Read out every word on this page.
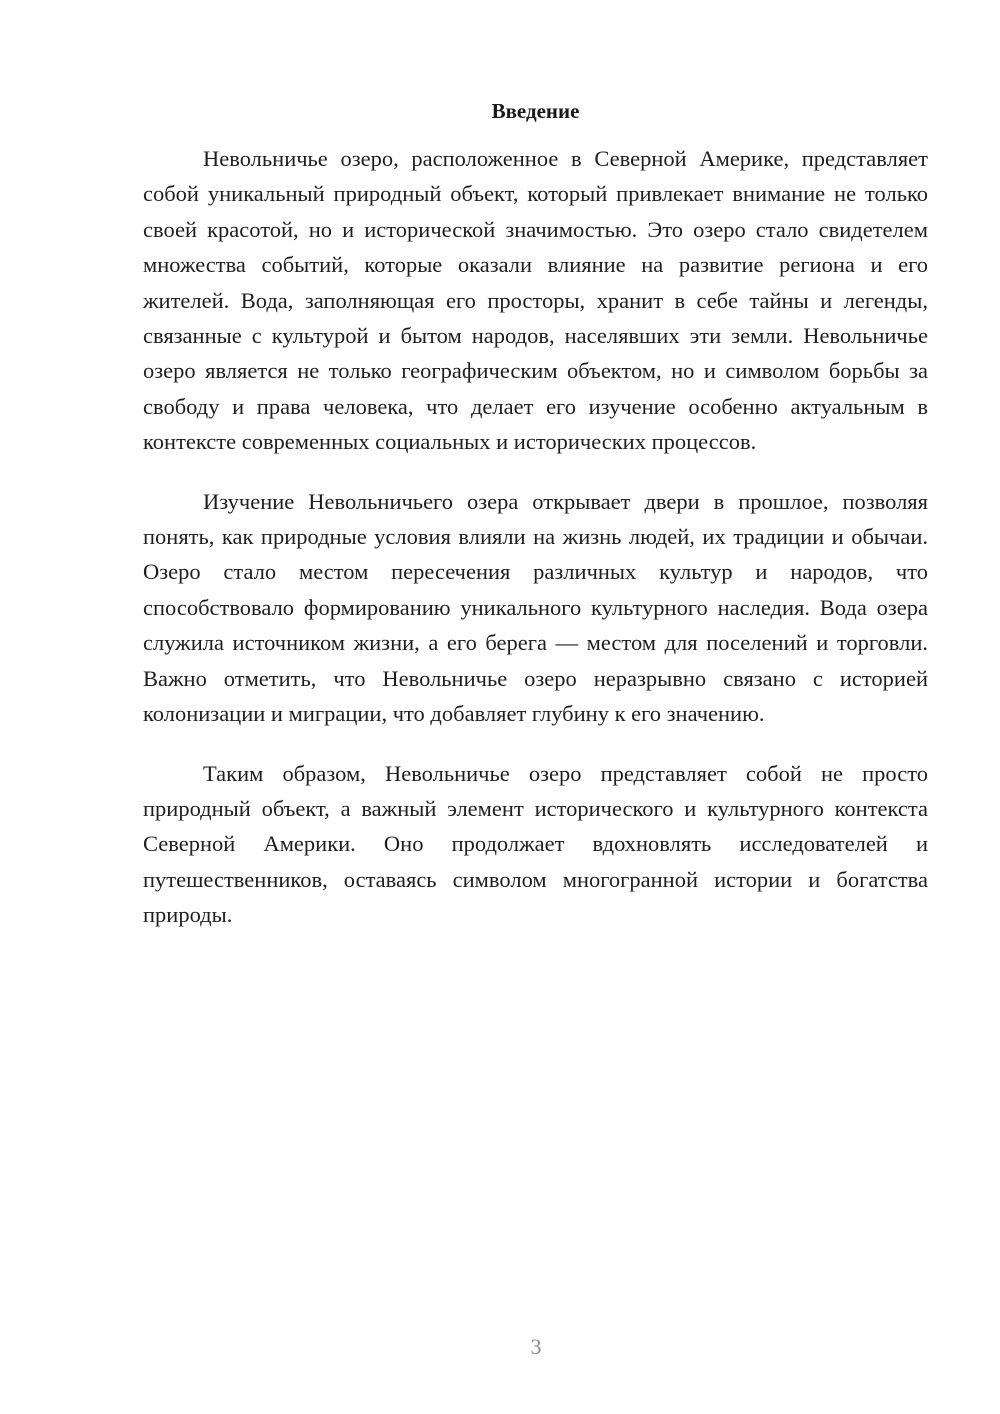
Введение

Невольничье озеро, расположенное в Северной Америке, представляет собой уникальный природный объект, который привлекает внимание не только своей красотой, но и исторической значимостью. Это озеро стало свидетелем множества событий, которые оказали влияние на развитие региона и его жителей. Вода, заполняющая его просторы, хранит в себе тайны и легенды, связанные с культурой и бытом народов, населявших эти земли. Невольничье озеро является не только географическим объектом, но и символом борьбы за свободу и права человека, что делает его изучение особенно актуальным в контексте современных социальных и исторических процессов.

Изучение Невольничьего озера открывает двери в прошлое, позволяя понять, как природные условия влияли на жизнь людей, их традиции и обычаи. Озеро стало местом пересечения различных культур и народов, что способствовало формированию уникального культурного наследия. Вода озера служила источником жизни, а его берега — местом для поселений и торговли. Важно отметить, что Невольничье озеро неразрывно связано с историей колонизации и миграции, что добавляет глубину к его значению.

Таким образом, Невольничье озеро представляет собой не просто природный объект, а важный элемент исторического и культурного контекста Северной Америки. Оно продолжает вдохновлять исследователей и путешественников, оставаясь символом многогранной истории и богатства природы.

3
